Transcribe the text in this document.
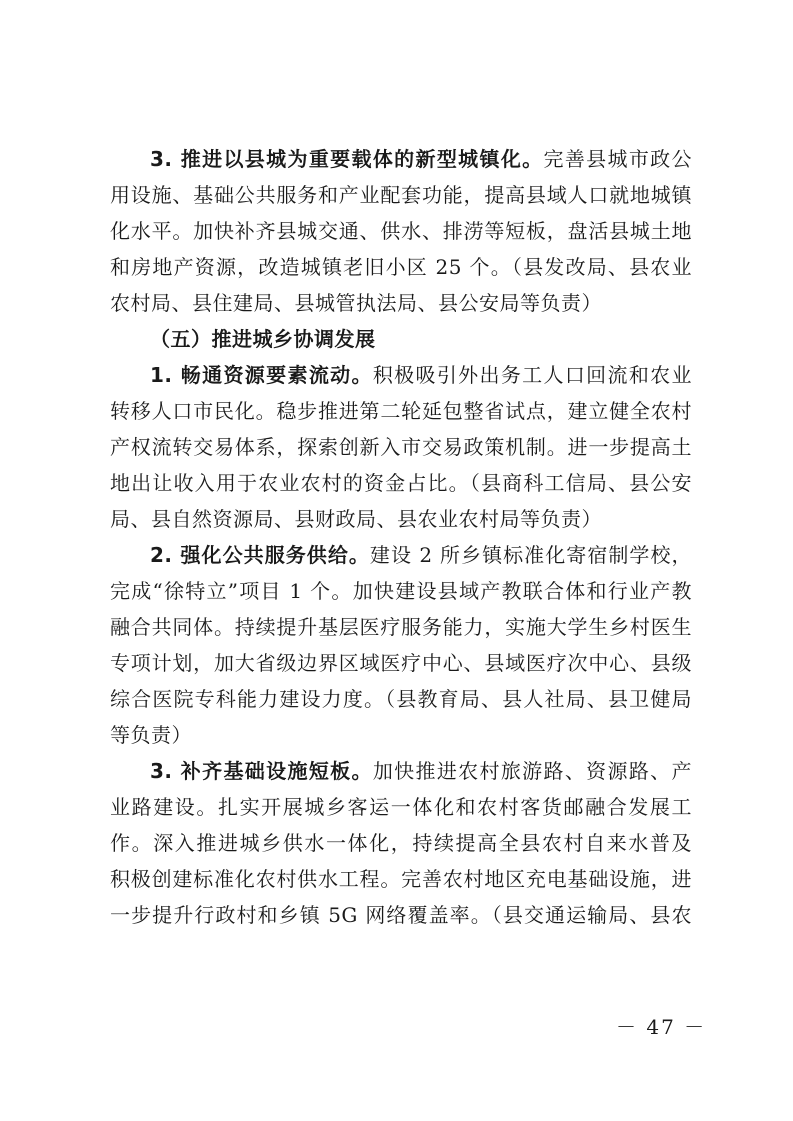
3. 推进以县城为重要载体的新型城镇化。完善县城市政公
用设施、基础公共服务和产业配套功能，提高县域人口就地城镇
化水平。加快补齐县城交通、供水、排涝等短板，盘活县城土地
和房地产资源，改造城镇老旧小区 25 个。（县发改局、县农业
农村局、县住建局、县城管执法局、县公安局等负责）
（五）推进城乡协调发展
1. 畅通资源要素流动。积极吸引外出务工人口回流和农业
转移人口市民化。稳步推进第二轮延包整省试点，建立健全农村
产权流转交易体系，探索创新入市交易政策机制。进一步提高土
地出让收入用于农业农村的资金占比。（县商科工信局、县公安
局、县自然资源局、县财政局、县农业农村局等负责）
2. 强化公共服务供给。建设 2 所乡镇标准化寄宿制学校，
完成“徐特立”项目 1 个。加快建设县域产教联合体和行业产教
融合共同体。持续提升基层医疗服务能力，实施大学生乡村医生
专项计划，加大省级边界区域医疗中心、县域医疗次中心、县级
综合医院专科能力建设力度。（县教育局、县人社局、县卫健局
等负责）
3. 补齐基础设施短板。加快推进农村旅游路、资源路、产
业路建设。扎实开展城乡客运一体化和农村客货邮融合发展工
作。深入推进城乡供水一体化，持续提高全县农村自来水普及
积极创建标准化农村供水工程。完善农村地区充电基础设施，进
一步提升行政村和乡镇 5G 网络覆盖率。（县交通运输局、县农
－ 47 －
